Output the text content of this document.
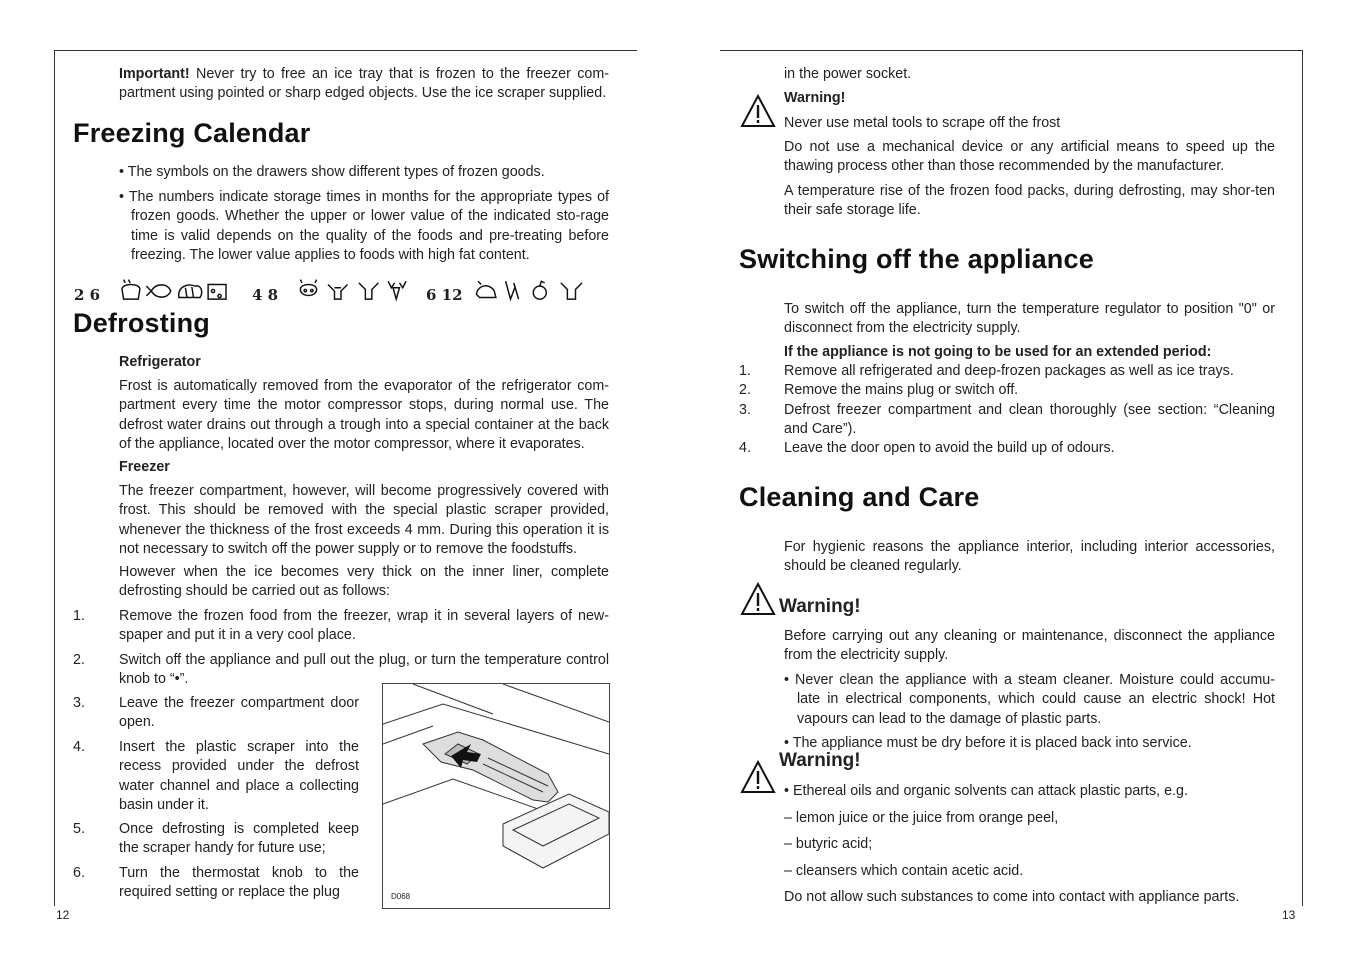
Important! Never try to free an ice tray that is frozen to the freezer com-partment using pointed or sharp edged objects. Use the ice scraper supplied.

Freezing Calendar

• The symbols on the drawers show different types of frozen goods.

• The numbers indicate storage times in months for the appropriate types of frozen goods. Whether the upper or lower value of the indicated sto-rage time is valid depends on the quality of the foods and pre-treating before freezing. The lower value applies to foods with high fat content.

2 6	4 8	6 12
Defrosting

Refrigerator

Frost is automatically removed from the evaporator of the refrigerator com-partment every time the motor compressor stops, during normal use. The defrost water drains out through a trough into a special container at the back of the appliance, located over the motor compressor, where it evaporates.

Freezer

The freezer compartment, however, will become progressively covered with frost. This should be removed with the special plastic scraper provided, whenever the thickness of the frost exceeds 4 mm. During this operation it is not necessary to switch off the power supply or to remove the foodstuffs.

However when the ice becomes very thick on the inner liner, complete defrosting should be carried out as follows:

1. Remove the frozen food from the freezer, wrap it in several layers of new-spaper and put it in a very cool place.

2. Switch off the appliance and pull out the plug, or turn the temperature control knob to “•”.

3. Leave the freezer compartment door open.

4. Insert the plastic scraper into the recess provided under the defrost water channel and place a collecting basin under it.

5. Once defrosting is completed keep the scraper handy for future use;

6. Turn the thermostat knob to the required setting or replace the plug	D068
12

in the power socket.

Warning!

Never use metal tools to scrape off the frost

Do not use a mechanical device or any artificial means to speed up the thawing process other than those recommended by the manufacturer.

A temperature rise of the frozen food packs, during defrosting, may shor-ten their safe storage life.

Switching off the appliance

To switch off the appliance, turn the temperature regulator to position "0" or disconnect from the electricity supply.

If the appliance is not going to be used for an extended period:

1. Remove all refrigerated and deep-frozen packages as well as ice trays.

2. Remove the mains plug or switch off.

3. Defrost freezer compartment and clean thoroughly (see section: “Cleaning and Care”).

4. Leave the door open to avoid the build up of odours.

Cleaning and Care

For hygienic reasons the appliance interior, including interior accessories, should be cleaned regularly.

Warning!

Before carrying out any cleaning or maintenance, disconnect the appliance from the electricity supply.

• Never clean the appliance with a steam cleaner. Moisture could accumu-late in electrical components, which could cause an electric shock! Hot vapours can lead to the damage of plastic parts.

• The appliance must be dry before it is placed back into service.

Warning!

• Ethereal oils and organic solvents can attack plastic parts, e.g.

– lemon juice or the juice from orange peel,

– butyric acid;

– cleansers which contain acetic acid.

Do not allow such substances to come into contact with appliance parts.

13
